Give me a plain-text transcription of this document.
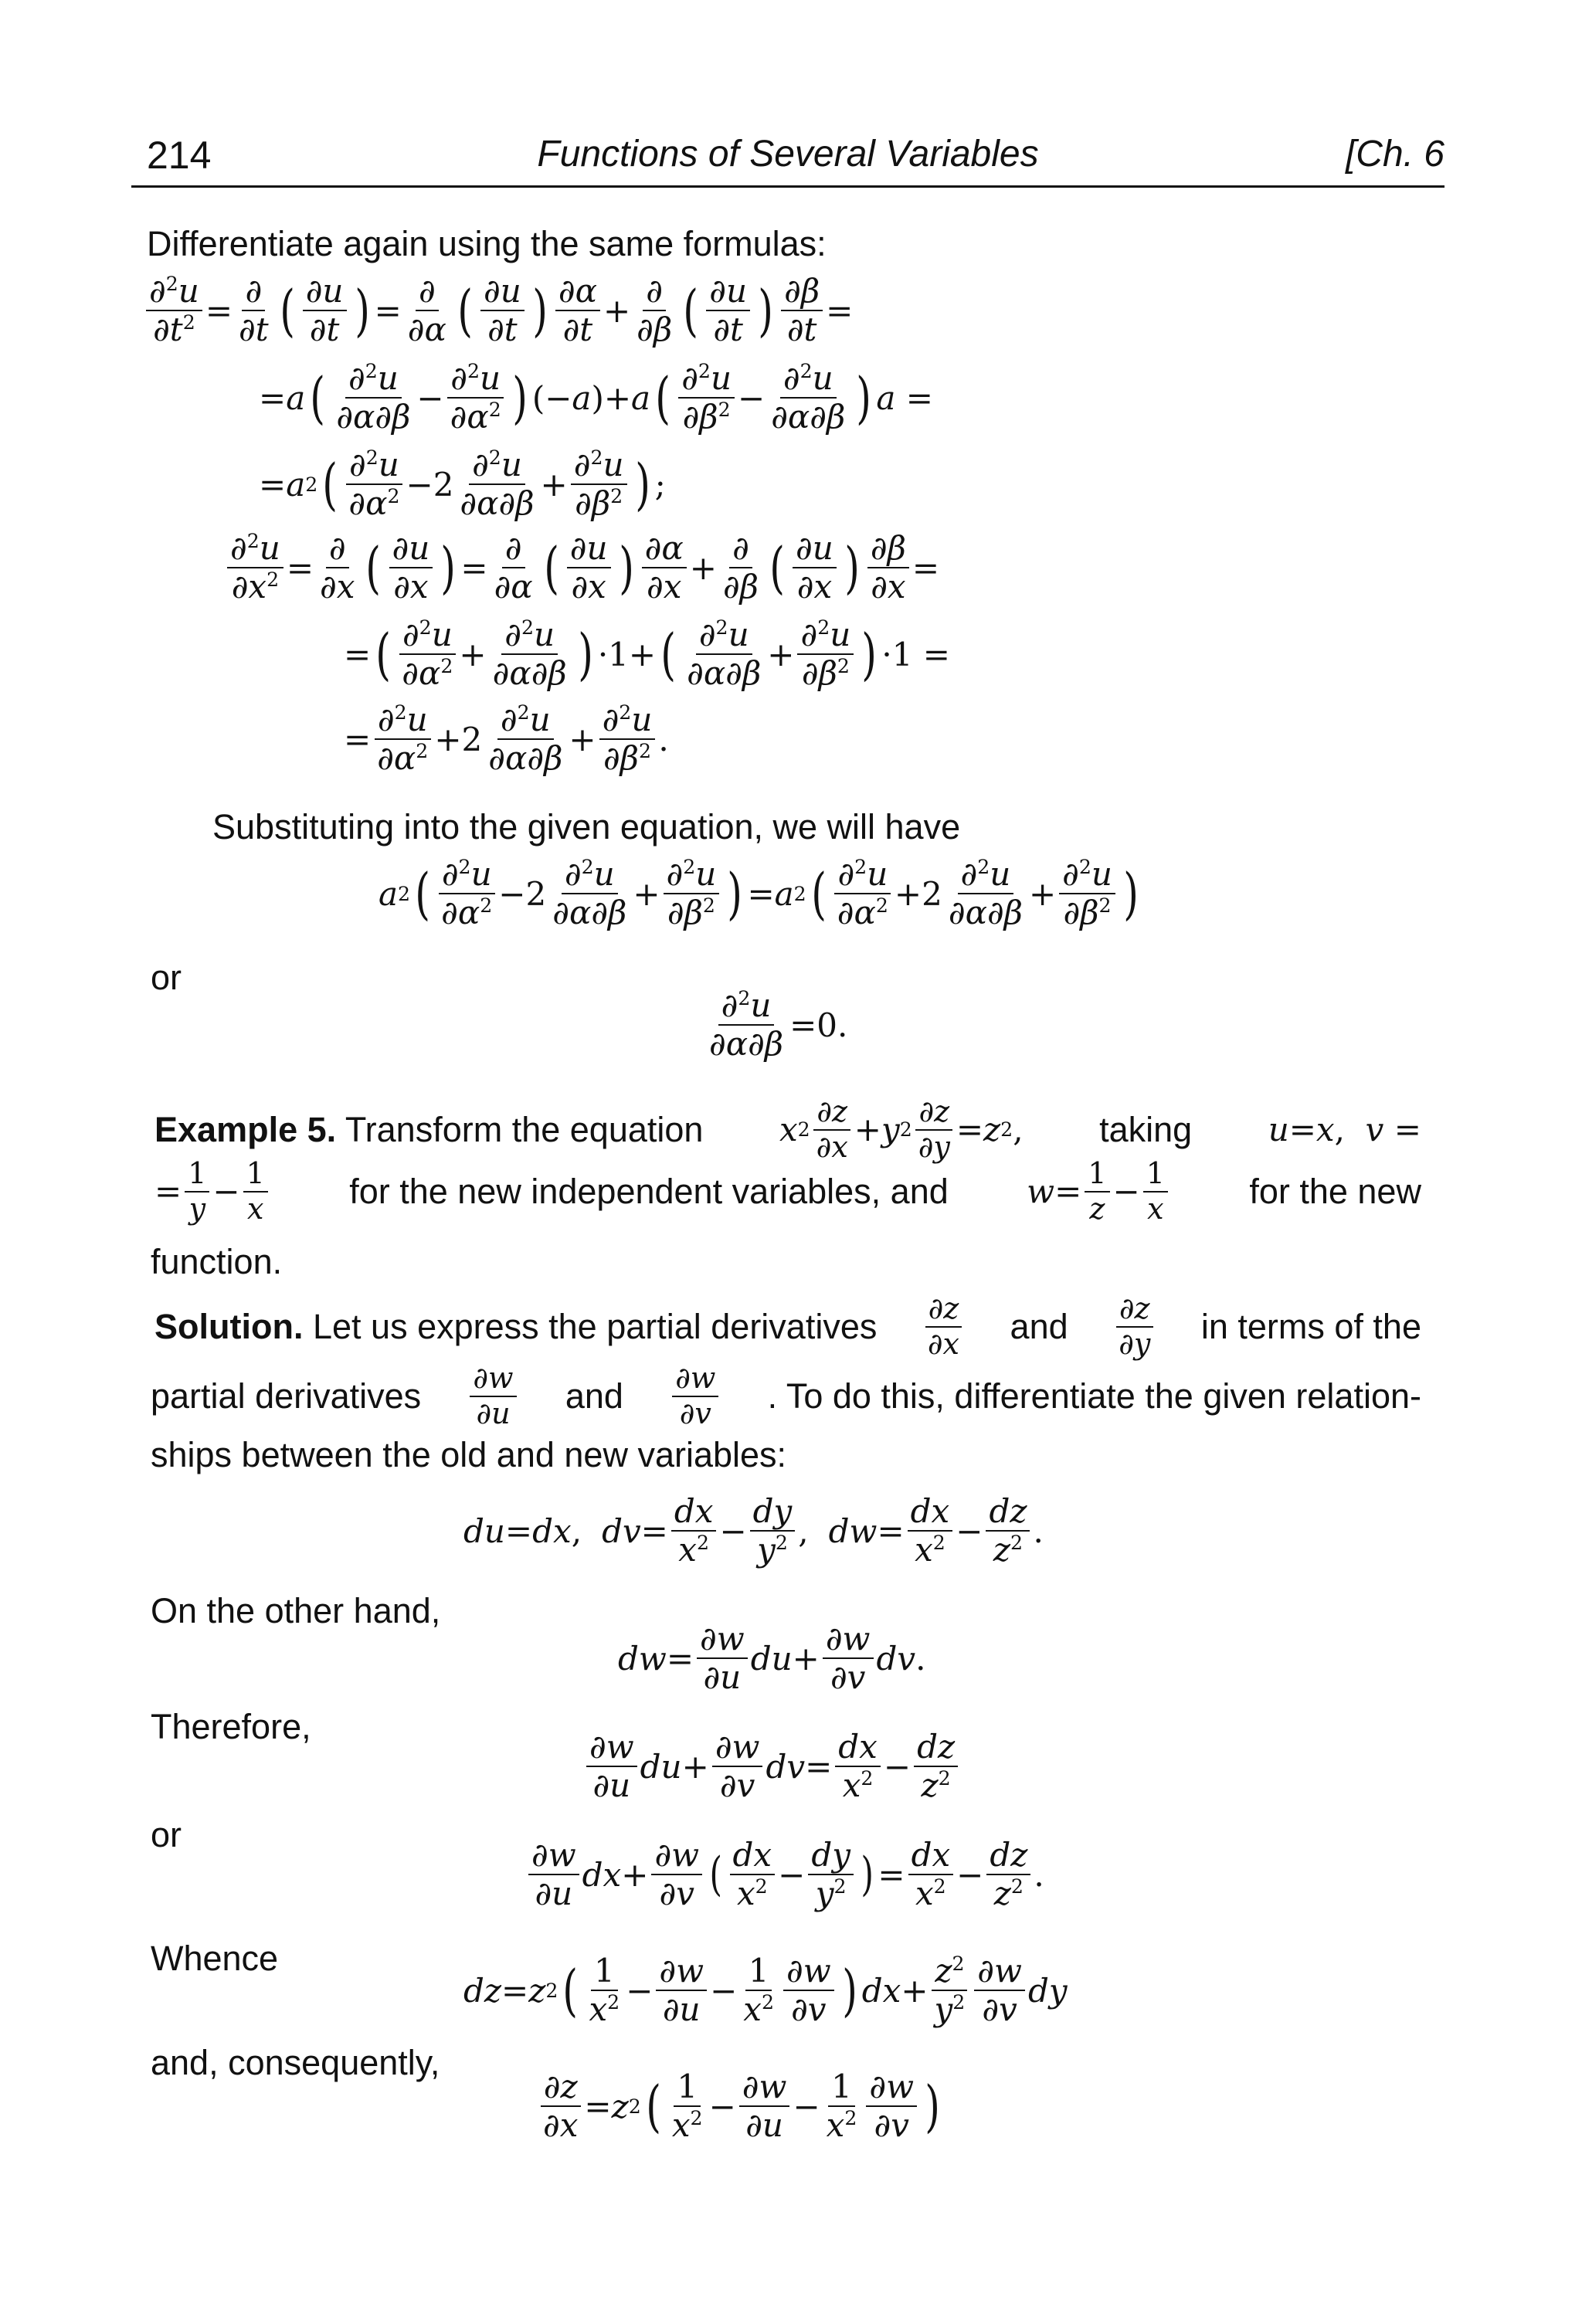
214	Functions of Several Variables	[Ch. 6
Differentiate again using the same formulas:
∂$^2$u
$\partial t^2$ =
∂
∂t ( ∂u
∂t ) =
∂
∂α ( ∂u
∂t ) ∂α
∂t +
∂
∂β ( ∂u
∂t ) ∂β
∂t =
=a ( ∂$^2$u
∂α∂β
−
∂$^2$u
$\partial\alpha^2$ ) (− a ) +a ( ∂$^2$u
$\partial\beta^2$ −
∂$^2$u
∂α∂β ) a =
=a 2 ( ∂$^2$u
$\partial\alpha^2 - 2$
∂$^2$u
∂α∂β
+
∂$^2$u
$\partial\beta^2$ ) ;
∂$^2$u
$\partial x^2$ =
∂
∂x ( ∂u
∂x ) =
∂
∂α ( ∂u
∂x ) ∂α
∂x +
∂
∂β ( ∂u
∂x ) ∂β
∂x =
= ( ∂$^2$u
$\partial\alpha^2$ +
∂$^2$u
∂α∂β ) ·1+ ( ∂$^2$u
∂α∂β
+
∂$^2$u
$\partial\beta^2$ ) ·1 =
=
∂$^2$u
$\partial\alpha^2 + 2$
∂$^2$u
∂α∂β
+
∂$^2$u
$\partial\beta^2$ .
Substituting into the given equation, we will have
a 2 ( ∂$^2$u
$\partial\alpha^2 - 2$
∂$^2$u
∂α∂β
+
∂$^2$u
$\partial\beta^2$ ) =a 2 ( ∂$^2$u
$\partial\alpha^2 + 2$
∂$^2$u
∂α∂β
+
∂$^2$u
$\partial\beta^2$ )
or
$\frac{\partial^2u}{\partial\alpha\partial\beta} =0$.
Example 5. Transform the equation x 2
∂z
∂x +y 2
∂z
∂y =z 2 , taking u=x , v =
= 1
y − 1
x for the new independent variables, and w= 1
z − 1
x for the new
function.
Solution. Let us express the partial derivatives ∂z
∂x and ∂z
∂y in terms of the
partial derivatives ∂w
∂u and ∂w
∂v . To do this, differentiate the given relation-
ships between the old and new variables:
du=dx , dv=
dx
$x^2$ −
dy
$y^2$ , dw=
dx
$x^2$ −
dz
$z^2$ .
On the other hand,
dw=
∂w
∂u du+
∂w
∂v dv .
Therefore,
∂w
∂u du+
∂w
∂v dv=
dx
$x^2$ −
dz
$z^2$
or
∂w
∂u dx+
∂w
∂v ( dx
$x^2$ −
dy
$y^2$ ) =
dx
$x^2$ −
dz
$z^2$ .
Whence
dz=z 2 ( 1
$x^2$ −
∂w
∂u −
1
$x^2$
∂w
∂v ) dx+
$z^2$
$y^2$
∂w
∂v dy
and, consequently,
∂z
∂x =z 2 ( 1
$x^2$ −
∂w
∂u −
1
$x^2$
∂w
∂v )
